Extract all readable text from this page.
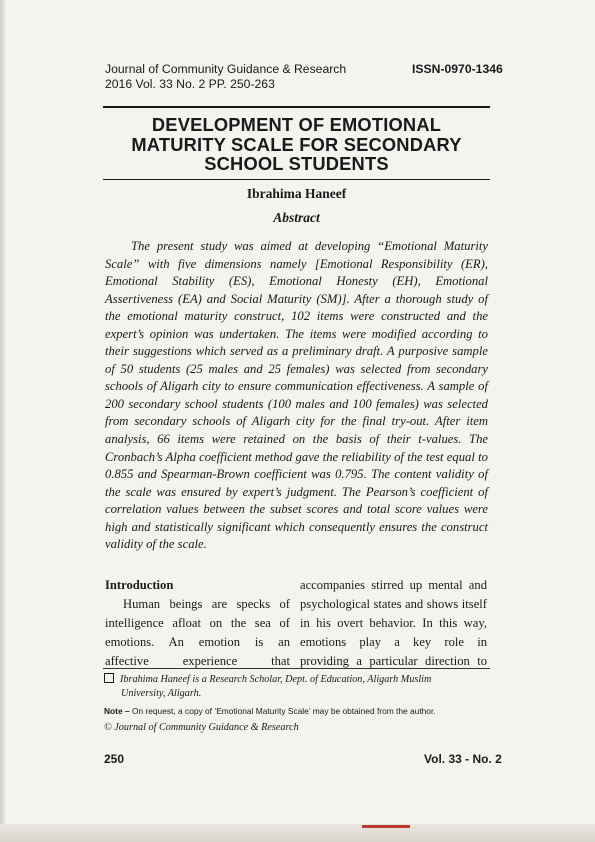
Journal of Community Guidance & Research
2016 Vol. 33 No. 2 PP. 250-263
ISSN-0970-1346
DEVELOPMENT OF EMOTIONAL
MATURITY SCALE FOR SECONDARY
SCHOOL STUDENTS
Ibrahima Haneef
Abstract

The present study was aimed at developing “Emotional Maturity Scale” with five dimensions namely [Emotional Responsibility (ER), Emotional Stability (ES), Emotional Honesty (EH), Emotional Assertiveness (EA) and Social Maturity (SM)]. After a thorough study of the emotional maturity construct, 102 items were constructed and the expert’s opinion was undertaken. The items were modified according to their suggestions which served as a preliminary draft. A purposive sample of 50 students (25 males and 25 females) was selected from secondary schools of Aligarh city to ensure communication effectiveness. A sample of 200 secondary school students (100 males and 100 females) was selected from secondary schools of Aligarh city for the final try-out. After item analysis, 66 items were retained on the basis of their t-values. The Cronbach’s Alpha coefficient method gave the reliability of the test equal to 0.855 and Spearman-Brown coefficient was 0.795. The content validity of the scale was ensured by expert’s judgment. The Pearson’s coefficient of correlation values between the subset scores and total score values were high and statistically significant which consequently ensures the construct validity of the scale.

Introduction

Human beings are specks of intelligence afloat on the sea of emotions. An emotion is an affective experience that

accompanies stirred up mental and psychological states and shows itself in his overt behavior. In this way, emotions play a key role in providing a particular direction to

Ibrahima Haneef is a Research Scholar, Dept. of Education, Aligarh Muslim
University, Aligarh.
Note – On request, a copy of ‘Emotional Maturity Scale’ may be obtained from the author.
© Journal of Community Guidance & Research
250	Vol. 33 - No. 2
